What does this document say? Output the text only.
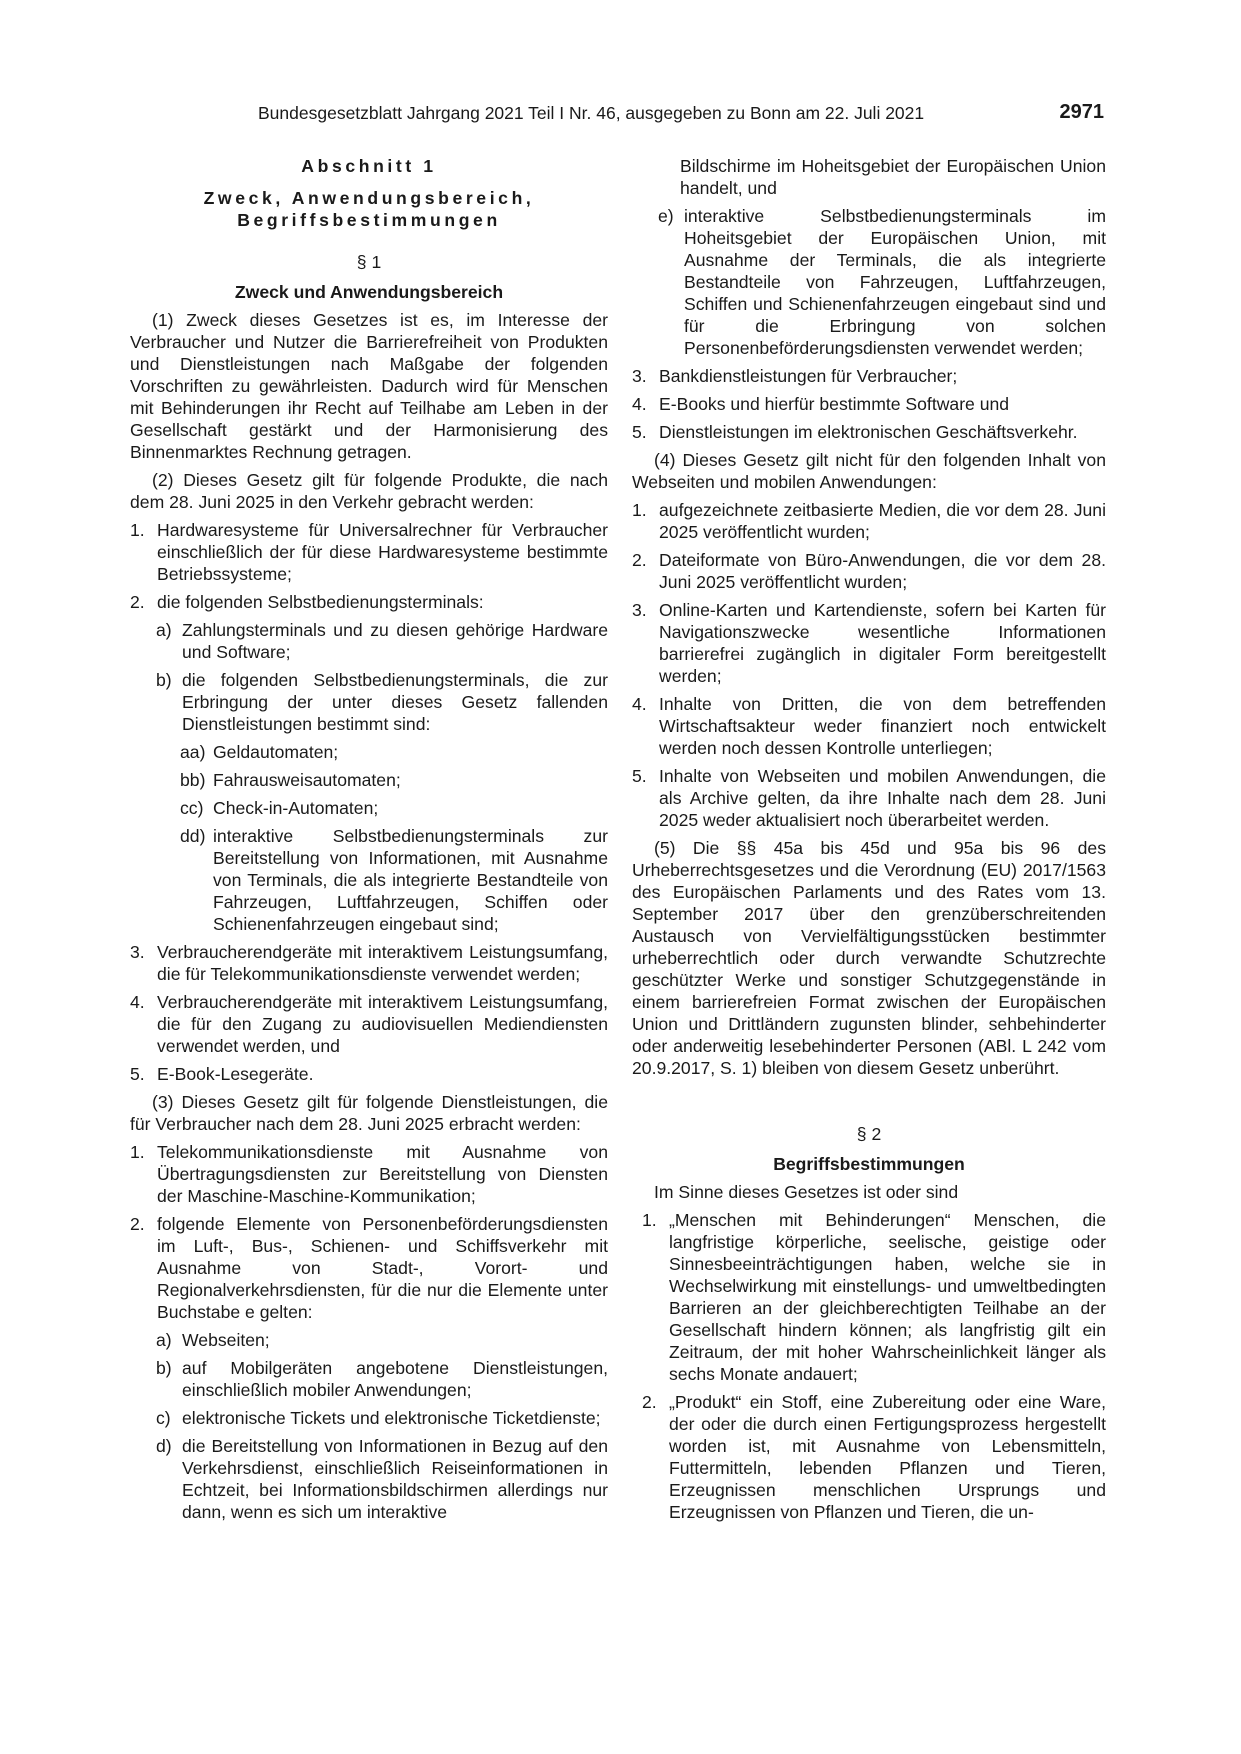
Bundesgesetzblatt Jahrgang 2021 Teil I Nr. 46, ausgegeben zu Bonn am 22. Juli 2021	2971
Abschnitt 1
Zweck, Anwendungsbereich,
Begriffsbestimmungen
§ 1
Zweck und Anwendungsbereich

(1) Zweck dieses Gesetzes ist es, im Interesse der Verbraucher und Nutzer die Barrierefreiheit von Produkten und Dienstleistungen nach Maßgabe der folgenden Vorschriften zu gewährleisten. Dadurch wird für Menschen mit Behinderungen ihr Recht auf Teilhabe am Leben in der Gesellschaft gestärkt und der Harmonisierung des Binnenmarktes Rechnung getragen.

(2) Dieses Gesetz gilt für folgende Produkte, die nach dem 28. Juni 2025 in den Verkehr gebracht werden:

1. Hardwaresysteme für Universalrechner für Verbraucher einschließlich der für diese Hardwaresysteme bestimmte Betriebssysteme;
2. die folgenden Selbstbedienungsterminals:
a) Zahlungsterminals und zu diesen gehörige Hardware und Software;
b) die folgenden Selbstbedienungsterminals, die zur Erbringung der unter dieses Gesetz fallenden Dienstleistungen bestimmt sind:
aa) Geldautomaten;
bb) Fahrausweisautomaten;
cc) Check-in-Automaten;
dd) interaktive Selbstbedienungsterminals zur Bereitstellung von Informationen, mit Ausnahme von Terminals, die als integrierte Bestandteile von Fahrzeugen, Luftfahrzeugen, Schiffen oder Schienenfahrzeugen eingebaut sind;
3. Verbraucherendgeräte mit interaktivem Leistungsumfang, die für Telekommunikationsdienste verwendet werden;
4. Verbraucherendgeräte mit interaktivem Leistungsumfang, die für den Zugang zu audiovisuellen Mediendiensten verwendet werden, und
5. E-Book-Lesegeräte.

(3) Dieses Gesetz gilt für folgende Dienstleistungen, die für Verbraucher nach dem 28. Juni 2025 erbracht werden:

1. Telekommunikationsdienste mit Ausnahme von Übertragungsdiensten zur Bereitstellung von Diensten der Maschine-Maschine-Kommunikation;
2. folgende Elemente von Personenbeförderungsdiensten im Luft-, Bus-, Schienen- und Schiffsverkehr mit Ausnahme von Stadt-, Vorort- und Regionalverkehrsdiensten, für die nur die Elemente unter Buchstabe e gelten:
a) Webseiten;
b) auf Mobilgeräten angebotene Dienstleistungen, einschließlich mobiler Anwendungen;
c) elektronische Tickets und elektronische Ticketdienste;
d) die Bereitstellung von Informationen in Bezug auf den Verkehrsdienst, einschließlich Reiseinformationen in Echtzeit, bei Informationsbildschirmen allerdings nur dann, wenn es sich um interaktive
Bildschirme im Hoheitsgebiet der Europäischen Union handelt, und
e) interaktive Selbstbedienungsterminals im Hoheitsgebiet der Europäischen Union, mit Ausnahme der Terminals, die als integrierte Bestandteile von Fahrzeugen, Luftfahrzeugen, Schiffen und Schienenfahrzeugen eingebaut sind und für die Erbringung von solchen Personenbeförderungsdiensten verwendet werden;
3. Bankdienstleistungen für Verbraucher;
4. E-Books und hierfür bestimmte Software und
5. Dienstleistungen im elektronischen Geschäftsverkehr.

(4) Dieses Gesetz gilt nicht für den folgenden Inhalt von Webseiten und mobilen Anwendungen:

1. aufgezeichnete zeitbasierte Medien, die vor dem 28. Juni 2025 veröffentlicht wurden;
2. Dateiformate von Büro-Anwendungen, die vor dem 28. Juni 2025 veröffentlicht wurden;
3. Online-Karten und Kartendienste, sofern bei Karten für Navigationszwecke wesentliche Informationen barrierefrei zugänglich in digitaler Form bereitgestellt werden;
4. Inhalte von Dritten, die von dem betreffenden Wirtschaftsakteur weder finanziert noch entwickelt werden noch dessen Kontrolle unterliegen;
5. Inhalte von Webseiten und mobilen Anwendungen, die als Archive gelten, da ihre Inhalte nach dem 28. Juni 2025 weder aktualisiert noch überarbeitet werden.

(5) Die §§ 45a bis 45d und 95a bis 96 des Urheberrechtsgesetzes und die Verordnung (EU) 2017/1563 des Europäischen Parlaments und des Rates vom 13. September 2017 über den grenzüberschreitenden Austausch von Vervielfältigungsstücken bestimmter urheberrechtlich oder durch verwandte Schutzrechte geschützter Werke und sonstiger Schutzgegenstände in einem barrierefreien Format zwischen der Europäischen Union und Drittländern zugunsten blinder, sehbehinderter oder anderweitig lesebehinderter Personen (ABl. L 242 vom 20.9.2017, S. 1) bleiben von diesem Gesetz unberührt.

§ 2
Begriffsbestimmungen

Im Sinne dieses Gesetzes ist oder sind

1. „Menschen mit Behinderungen“ Menschen, die langfristige körperliche, seelische, geistige oder Sinnesbeeinträchtigungen haben, welche sie in Wechselwirkung mit einstellungs- und umweltbedingten Barrieren an der gleichberechtigten Teilhabe an der Gesellschaft hindern können; als langfristig gilt ein Zeitraum, der mit hoher Wahrscheinlichkeit länger als sechs Monate andauert;
2. „Produkt“ ein Stoff, eine Zubereitung oder eine Ware, der oder die durch einen Fertigungsprozess hergestellt worden ist, mit Ausnahme von Lebensmitteln, Futtermitteln, lebenden Pflanzen und Tieren, Erzeugnissen menschlichen Ursprungs und Erzeugnissen von Pflanzen und Tieren, die un-
